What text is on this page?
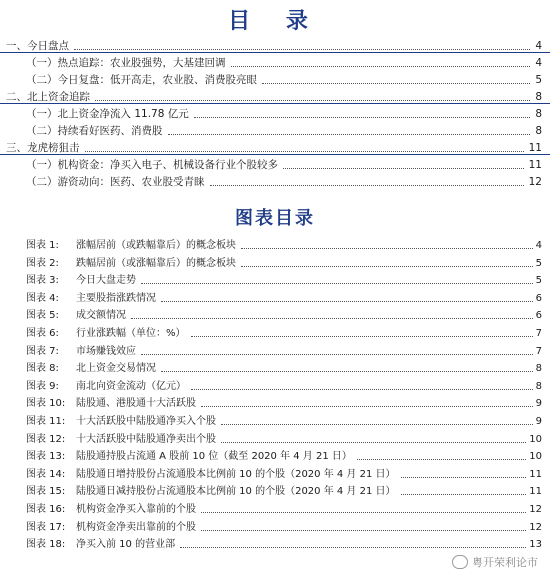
目 录
图表目录
粤开荣利论市
一、今日盘点	4
（一）热点追踪：农业股强势，大基建回调	4
（二）今日复盘：低开高走，农业股、消费股亮眼	5
二、北上资金追踪	8
（一）北上资金净流入 11.78 亿元	8
（二）持续看好医药、消费股	8
三、龙虎榜狙击	11
（一）机构资金：净买入电子、机械设备行业个股较多	11
（二）游资动向：医药、农业股受青睐	12
图表 1:	涨幅居前（或跌幅靠后）的概念板块	4
图表 2:	跌幅居前（或涨幅靠后）的概念板块	5
图表 3:	今日大盘走势	5
图表 4:	主要股指涨跌情况	6
图表 5:	成交额情况	6
图表 6:	行业涨跌幅（单位：%）	7
图表 7:	市场赚钱效应	7
图表 8:	北上资金交易情况	8
图表 9:	南北向资金流动（亿元）	8
图表 10:	陆股通、港股通十大活跃股	9
图表 11:	十大活跃股中陆股通净买入个股	9
图表 12:	十大活跃股中陆股通净卖出个股	10
图表 13:	陆股通持股占流通 A 股前 10 位（截至 2020 年 4 月 21 日）	10
图表 14:	陆股通日增持股份占流通股本比例前 10 的个股（2020 年 4 月 21 日）	11
图表 15:	陆股通日减持股份占流通股本比例前 10 的个股（2020 年 4 月 21 日）	11
图表 16:	机构资金净买入靠前的个股	12
图表 17:	机构资金净卖出靠前的个股	12
图表 18:	净买入前 10 的营业部	13
